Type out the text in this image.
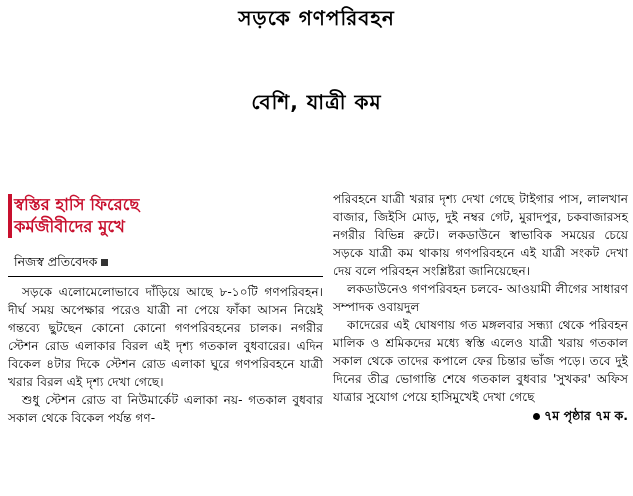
সড়কে গণপরিবহন
বেশি, যাত্রী কম
স্বস্তির হাসি ফিরেছে
কর্মজীবীদের মুখে
নিজস্ব প্রতিবেদক

সড়কে এলোমেলোভাবে দাঁড়িয়ে আছে ৮-১০টি গণপরিবহন। দীর্ঘ সময় অপেক্ষার পরেও যাত্রী না পেয়ে ফাঁকা আসন নিয়েই গন্তব্যে ছুটছেন কোনো কোনো গণপরিবহনের চালক। নগরীর স্টেশন রোড এলাকার বিরল এই দৃশ্য গতকাল বুধবারের। এদিন বিকেল ৪টার দিকে স্টেশন রোড এলাকা ঘুরে গণপরিবহনে যাত্রী খরার বিরল এই দৃশ্য দেখা গেছে।

শুধু স্টেশন রোড বা নিউমার্কেট এলাকা নয়- গতকাল বুধবার সকাল থেকে বিকেল পর্যন্ত গণ-

পরিবহনে যাত্রী খরার দৃশ্য দেখা গেছে টাইগার পাস, লালখান বাজার, জিইসি মোড়, দুই নম্বর গেট, মুরাদপুর, চকবাজারসহ নগরীর বিভিন্ন রুটে। লকডাউনে স্বাভাবিক সময়ের চেয়ে সড়কে যাত্রী কম থাকায় গণপরিবহনে এই যাত্রী সংকট দেখা দেয় বলে পরিবহন সংশ্লিষ্টরা জানিয়েছেন।

লকডাউনেও গণপরিবহন চলবে- আওয়ামী লীগের সাধারণ সম্পাদক ওবায়দুল

কাদেরের এই ঘোষণায় গত মঙ্গলবার সন্ধ্যা থেকে পরিবহন মালিক ও শ্রমিকদের মধ্যে স্বস্তি এলেও যাত্রী খরায় গতকাল সকাল থেকে তাদের কপালে ফের চিন্তার ভাঁজ পড়ে। তবে দুই দিনের তীব্র ভোগান্তি শেষে গতকাল বুধবার 'সুখকর' অফিস যাত্রার সুযোগ পেয়ে হাসিমুখেই দেখা গেছে

৭ম পৃষ্ঠার ৭ম ক.
